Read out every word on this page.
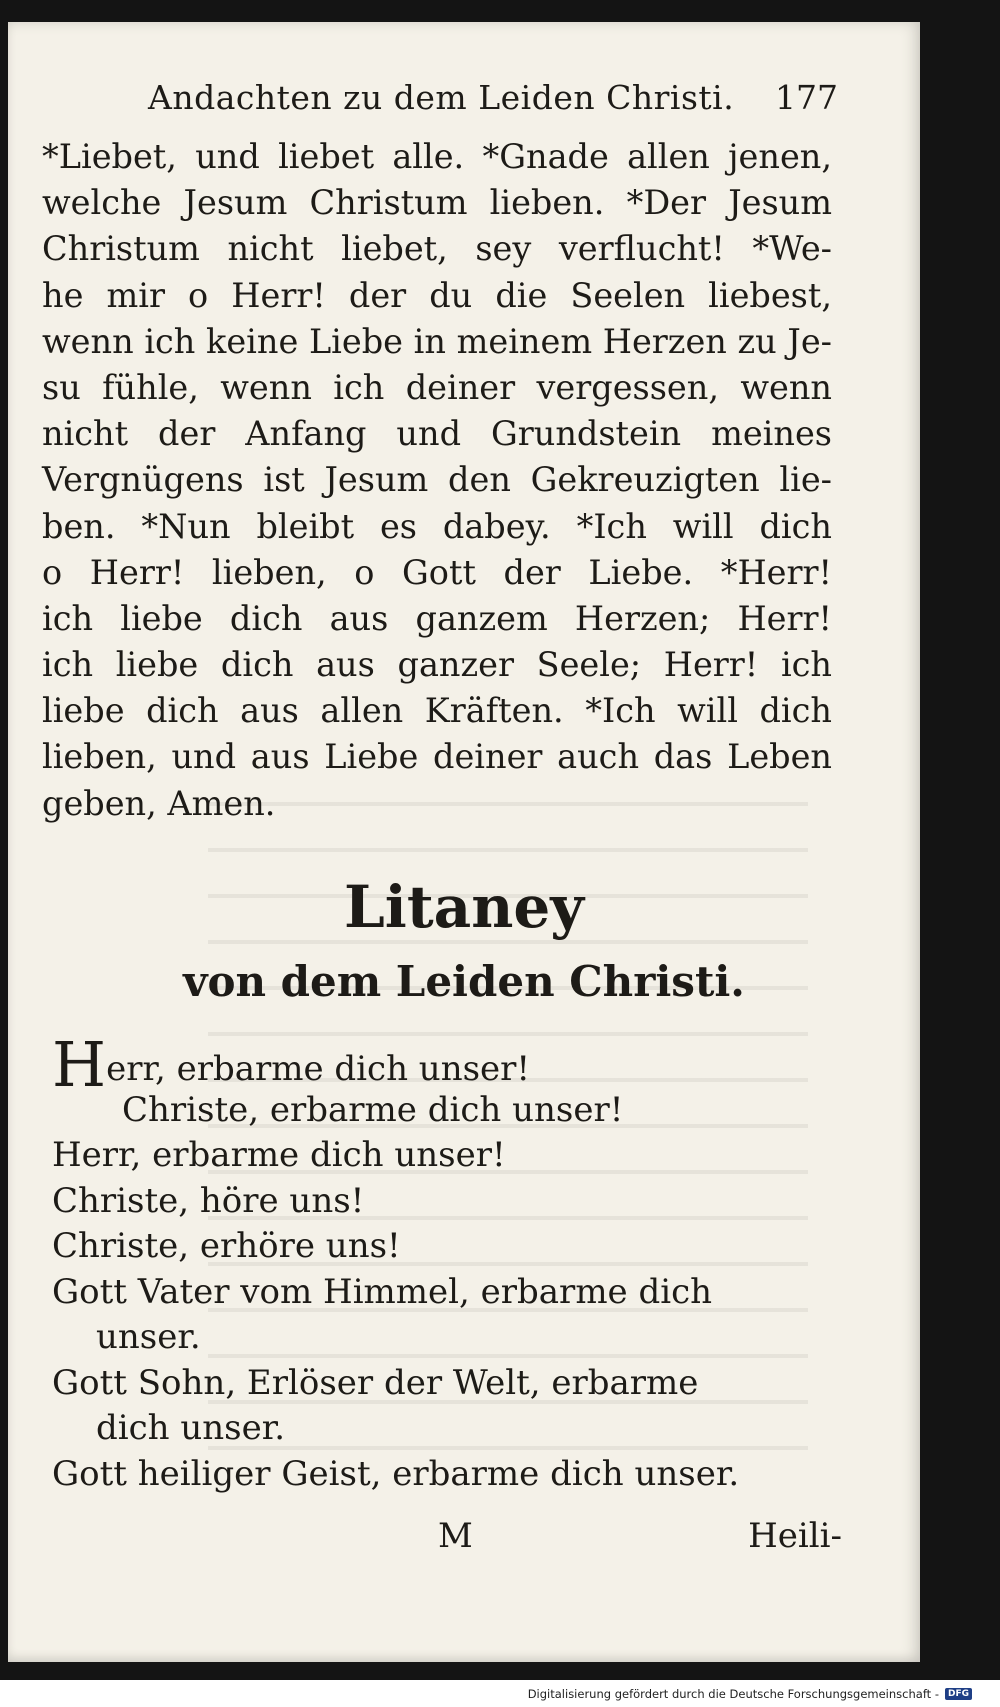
Andachten zu dem Leiden Christi. 177
*Liebet, und liebet alle. *Gnade allen jenen,
welche Jesum Christum lieben. *Der Jesum
Christum nicht liebet, sey verflucht! *We-
he mir o Herr! der du die Seelen liebest,
wenn ich keine Liebe in meinem Herzen zu Je-
su fühle, wenn ich deiner vergessen, wenn
nicht der Anfang und Grundstein meines
Vergnügens ist Jesum den Gekreuzigten lie-
ben. *Nun bleibt es dabey. *Ich will dich
o Herr! lieben, o Gott der Liebe. *Herr!
ich liebe dich aus ganzem Herzen; Herr!
ich liebe dich aus ganzer Seele; Herr! ich
liebe dich aus allen Kräften. *Ich will dich
lieben, und aus Liebe deiner auch das Leben
geben, Amen.
Litaney
von dem Leiden Christi.
Herr, erbarme dich unser!
Christe, erbarme dich unser!
Herr, erbarme dich unser!
Christe, höre uns!
Christe, erhöre uns!
Gott Vater vom Himmel, erbarme dich
unser.
Gott Sohn, Erlöser der Welt, erbarme
dich unser.
Gott heiliger Geist, erbarme dich unser.
M	Heili-
Digitalisierung gefördert durch die Deutsche Forschungsgemeinschaft -	DFG
